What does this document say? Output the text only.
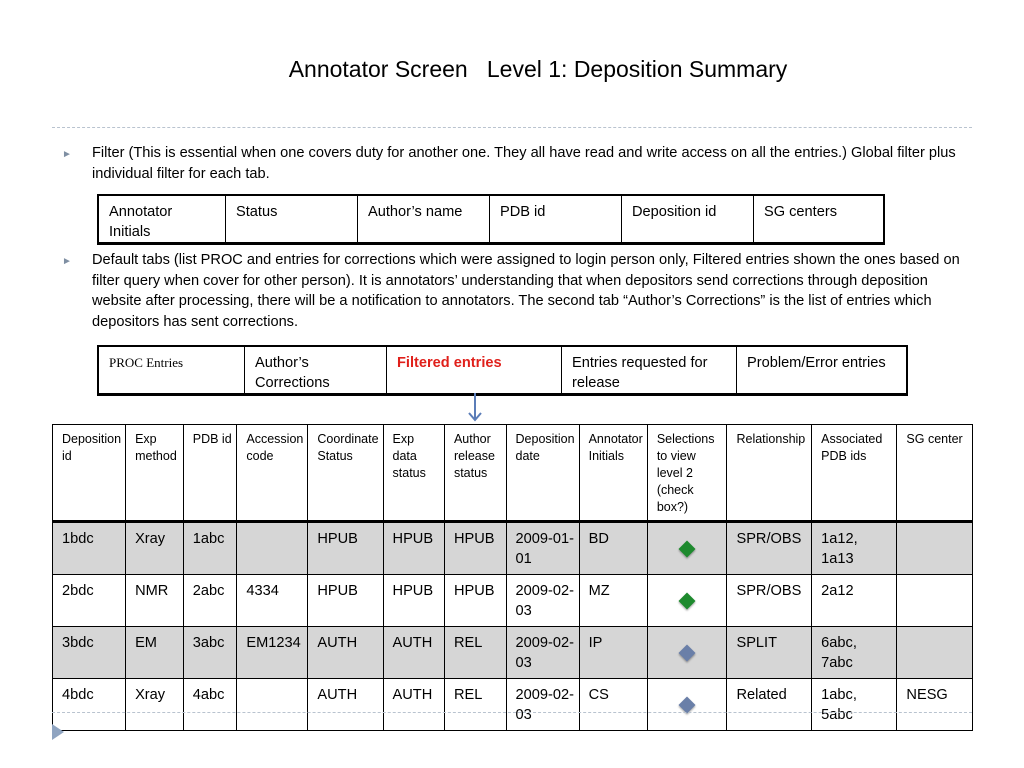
Annotator Screen   Level 1: Deposition Summary
► Filter (This is essential when one covers duty for another one. They all have read and write access on all the entries.) Global filter plus individual filter for each tab.
Annotator Initials	Status	Author’s name	PDB id	Deposition id	SG centers
► Default tabs (list PROC and entries for corrections which were assigned to login person only, Filtered entries shown the ones based on filter query when cover for other person). It is annotators’ understanding that when depositors send corrections through deposition website after processing, there will be a notification to annotators. The second tab “Author’s Corrections” is the list of entries which depositors has sent corrections.
PROC Entries	Author’s Corrections	Filtered entries	Entries requested for release	Problem/Error entries
Deposition id	Exp method	PDB id	Accession code	Coordinate Status	Exp data status	Author release status	Deposition date	Annotator Initials	Selections to view level 2 (check box?)	Relationship	Associated PDB ids	SG center
1bdc	Xray	1abc		HPUB	HPUB	HPUB	2009-01-01	BD		SPR/OBS	1a12, 1a13	
2bdc	NMR	2abc	4334	HPUB	HPUB	HPUB	2009-02-03	MZ		SPR/OBS	2a12	
3bdc	EM	3abc	EM1234	AUTH	AUTH	REL	2009-02-03	IP		SPLIT	6abc, 7abc	
4bdc	Xray	4abc		AUTH	AUTH	REL	2009-02-03	CS		Related	1abc, 5abc	NESG
